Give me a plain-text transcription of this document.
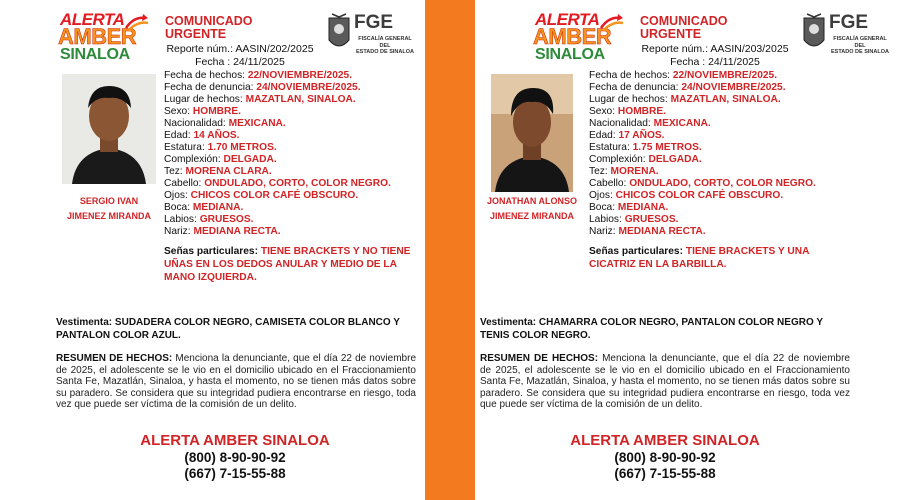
ALERTA
AMBER
SINALOA
COMUNICADO URGENTE
Reporte núm.: AASIN/202/2025
Fecha : 24/11/2025
FGE
FISCALÍA GENERAL DEL
ESTADO DE SINALOA
SERGIO IVAN
JIMENEZ MIRANDA
Fecha de hechos: 22/NOVIEMBRE/2025.
Fecha de denuncia: 24/NOVIEMBRE/2025.
Lugar de hechos: MAZATLAN, SINALOA.
Sexo: HOMBRE.
Nacionalidad: MEXICANA.
Edad: 14 AÑOS.
Estatura: 1.70 METROS.
Complexión: DELGADA.
Tez: MORENA CLARA.
Cabello: ONDULADO, CORTO, COLOR NEGRO.
Ojos: CHICOS COLOR CAFÉ OBSCURO.
Boca: MEDIANA.
Labios: GRUESOS.
Nariz: MEDIANA RECTA.
Señas particulares: TIENE BRACKETS Y NO TIENE UÑAS EN LOS DEDOS ANULAR Y MEDIO DE LA MANO IZQUIERDA.
Vestimenta: SUDADERA COLOR NEGRO, CAMISETA COLOR BLANCO Y PANTALON COLOR AZUL.
RESUMEN DE HECHOS: Menciona la denunciante, que el día 22 de noviembre de 2025, el adolescente se le vio en el domicilio ubicado en el Fraccionamiento Santa Fe, Mazatlán, Sinaloa, y hasta el momento, no se tienen más datos sobre su paradero. Se considera que su integridad pudiera encontrarse en riesgo, toda vez que puede ser víctima de la comisión de un delito.
ALERTA AMBER SINALOA
(800) 8-90-90-92
(667) 7-15-55-88
ALERTA
AMBER
SINALOA
COMUNICADO URGENTE
Reporte núm.: AASIN/203/2025
Fecha : 24/11/2025
FGE
FISCALÍA GENERAL DEL
ESTADO DE SINALOA
JONATHAN ALONSO
JIMENEZ MIRANDA
Fecha de hechos: 22/NOVIEMBRE/2025.
Fecha de denuncia: 24/NOVIEMBRE/2025.
Lugar de hechos: MAZATLAN, SINALOA.
Sexo: HOMBRE.
Nacionalidad: MEXICANA.
Edad: 17 AÑOS.
Estatura: 1.75 METROS.
Complexión: DELGADA.
Tez: MORENA.
Cabello: ONDULADO, CORTO, COLOR NEGRO.
Ojos: CHICOS COLOR CAFÉ OBSCURO.
Boca: MEDIANA.
Labios: GRUESOS.
Nariz: MEDIANA RECTA.
Señas particulares: TIENE BRACKETS Y UNA CICATRIZ EN LA BARBILLA.
Vestimenta: CHAMARRA COLOR NEGRO, PANTALON COLOR NEGRO Y TENIS COLOR NEGRO.
RESUMEN DE HECHOS: Menciona la denunciante, que el día 22 de noviembre de 2025, el adolescente se le vio en el domicilio ubicado en el Fraccionamiento Santa Fe, Mazatlán, Sinaloa, y hasta el momento, no se tienen más datos sobre su paradero. Se considera que su integridad pudiera encontrarse en riesgo, toda vez que puede ser víctima de la comisión de un delito.
ALERTA AMBER SINALOA
(800) 8-90-90-92
(667) 7-15-55-88
